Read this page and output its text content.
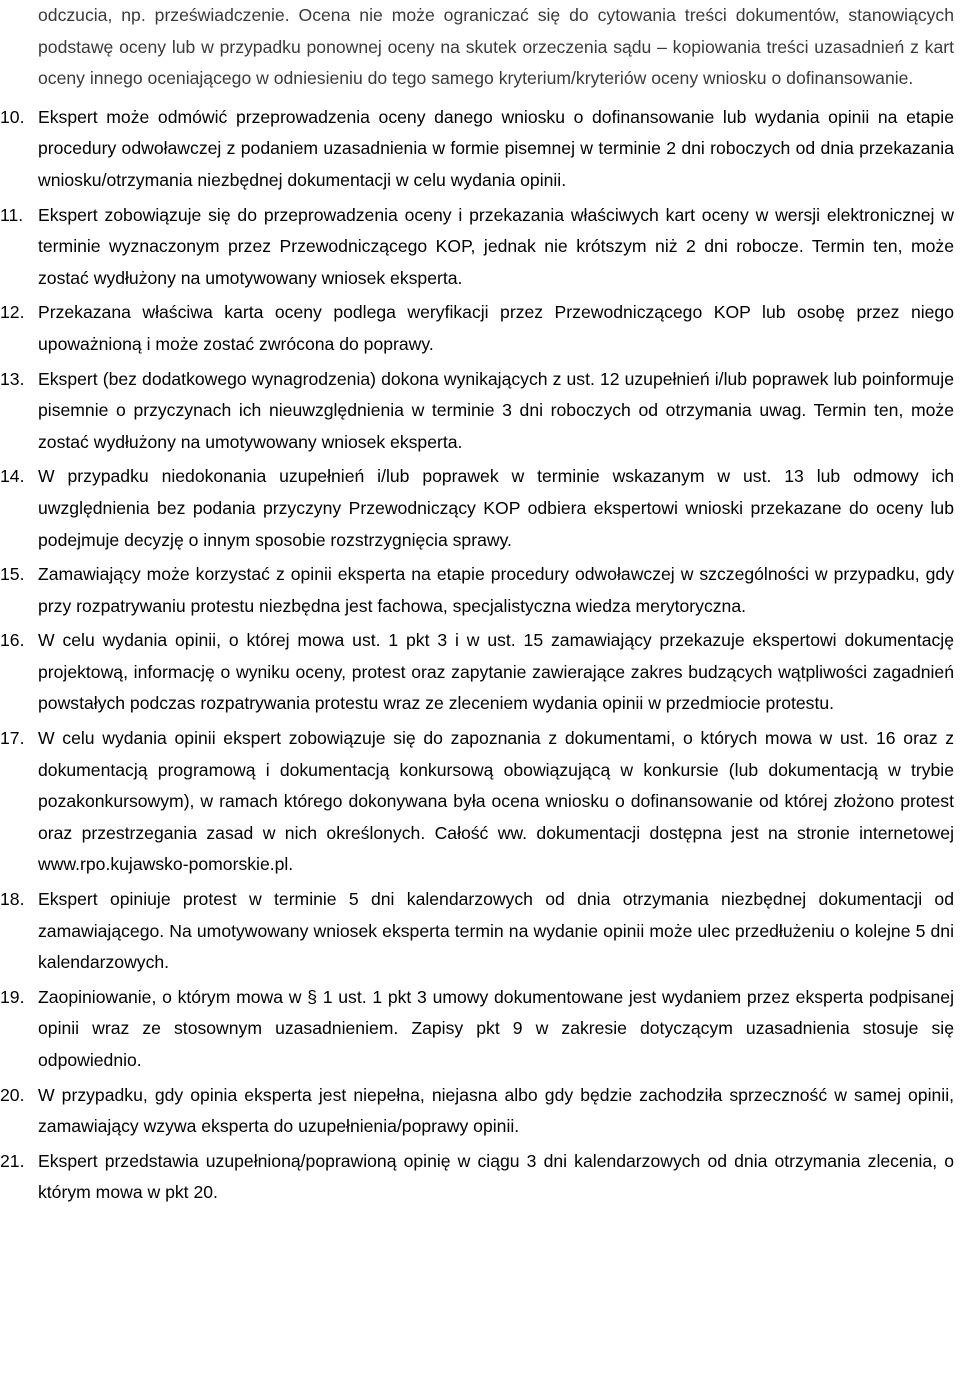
odczucia, np. przeświadczenie. Ocena nie może ograniczać się do cytowania treści dokumentów, stanowiących podstawę oceny lub w przypadku ponownej oceny na skutek orzeczenia sądu – kopiowania treści uzasadnień z kart oceny innego oceniającego w odniesieniu do tego samego kryterium/kryteriów oceny wniosku o dofinansowanie.

10. Ekspert może odmówić przeprowadzenia oceny danego wniosku o dofinansowanie lub wydania opinii na etapie procedury odwoławczej z podaniem uzasadnienia w formie pisemnej w terminie 2 dni roboczych od dnia przekazania wniosku/otrzymania niezbędnej dokumentacji w celu wydania opinii.
11. Ekspert zobowiązuje się do przeprowadzenia oceny i przekazania właściwych kart oceny w wersji elektronicznej w terminie wyznaczonym przez Przewodniczącego KOP, jednak nie krótszym niż 2 dni robocze. Termin ten, może zostać wydłużony na umotywowany wniosek eksperta.
12. Przekazana właściwa karta oceny podlega weryfikacji przez Przewodniczącego KOP lub osobę przez niego upoważnioną i może zostać zwrócona do poprawy.
13. Ekspert (bez dodatkowego wynagrodzenia) dokona wynikających z ust. 12 uzupełnień i/lub poprawek lub poinformuje pisemnie o przyczynach ich nieuwzględnienia w terminie 3 dni roboczych od otrzymania uwag. Termin ten, może zostać wydłużony na umotywowany wniosek eksperta.
14. W przypadku niedokonania uzupełnień i/lub poprawek w terminie wskazanym w ust. 13 lub odmowy ich uwzględnienia bez podania przyczyny Przewodniczący KOP odbiera ekspertowi wnioski przekazane do oceny lub podejmuje decyzję o innym sposobie rozstrzygnięcia sprawy.
15. Zamawiający może korzystać z opinii eksperta na etapie procedury odwoławczej w szczególności w przypadku, gdy przy rozpatrywaniu protestu niezbędna jest fachowa, specjalistyczna wiedza merytoryczna.
16. W celu wydania opinii, o której mowa ust. 1 pkt 3 i w ust. 15 zamawiający przekazuje ekspertowi dokumentację projektową, informację o wyniku oceny, protest oraz zapytanie zawierające zakres budzących wątpliwości zagadnień powstałych podczas rozpatrywania protestu wraz ze zleceniem wydania opinii w przedmiocie protestu.
17. W celu wydania opinii ekspert zobowiązuje się do zapoznania z dokumentami, o których mowa w ust. 16 oraz z dokumentacją programową i dokumentacją konkursową obowiązującą w konkursie (lub dokumentacją w trybie pozakonkursowym), w ramach którego dokonywana była ocena wniosku o dofinansowanie od której złożono protest oraz przestrzegania zasad w nich określonych. Całość ww. dokumentacji dostępna jest na stronie internetowej www.rpo.kujawsko-pomorskie.pl.
18. Ekspert opiniuje protest w terminie 5 dni kalendarzowych od dnia otrzymania niezbędnej dokumentacji od zamawiającego. Na umotywowany wniosek eksperta termin na wydanie opinii może ulec przedłużeniu o kolejne 5 dni kalendarzowych.
19. Zaopiniowanie, o którym mowa w § 1 ust. 1 pkt 3 umowy dokumentowane jest wydaniem przez eksperta podpisanej opinii wraz ze stosownym uzasadnieniem. Zapisy pkt 9 w zakresie dotyczącym uzasadnienia stosuje się odpowiednio.
20. W przypadku, gdy opinia eksperta jest niepełna, niejasna albo gdy będzie zachodziła sprzeczność w samej opinii, zamawiający wzywa eksperta do uzupełnienia/poprawy opinii.
21. Ekspert przedstawia uzupełnioną/poprawioną opinię w ciągu 3 dni kalendarzowych od dnia otrzymania zlecenia, o którym mowa w pkt 20.
